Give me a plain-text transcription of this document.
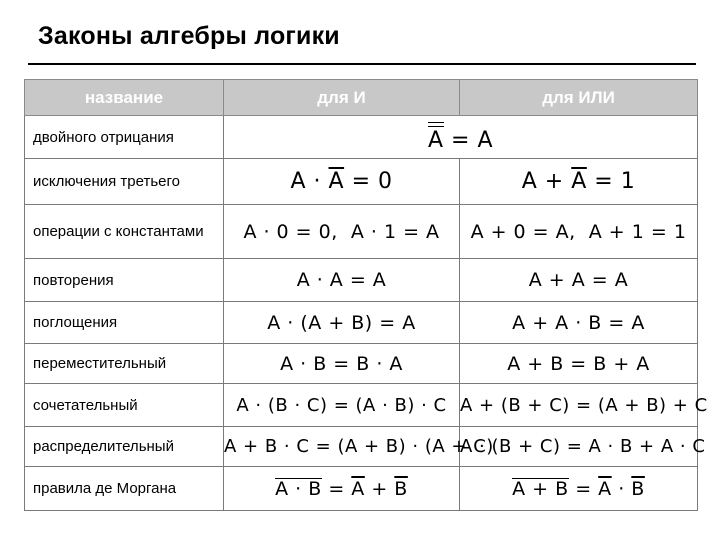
Законы алгебры логики
название	для И	для ИЛИ
двойного отрицания	A = A	
исключения третьего	$A \cdot \overline{A} = 0$	$A + \overline{A} = 1$
операции с константами	A · 0 = 0,  A · 1 = A	A + 0 = A,  A + 1 = 1
повторения	A · A = A	A + A = A
поглощения	A · (A + B) = A	A + A · B = A
переместительный	A · B = B · A	A + B = B + A
сочетательный	A · (B · C) = (A · B) · C	A + (B + C) = (A + B) + C
распределительный	A + B · C = (A + B) · (A + C)	A · (B + C) = A · B + A · C
правила де Моргана	$A \cdot B = \overline{A} + \overline{B}$	$A + B = \overline{A} \cdot \overline{B}$
